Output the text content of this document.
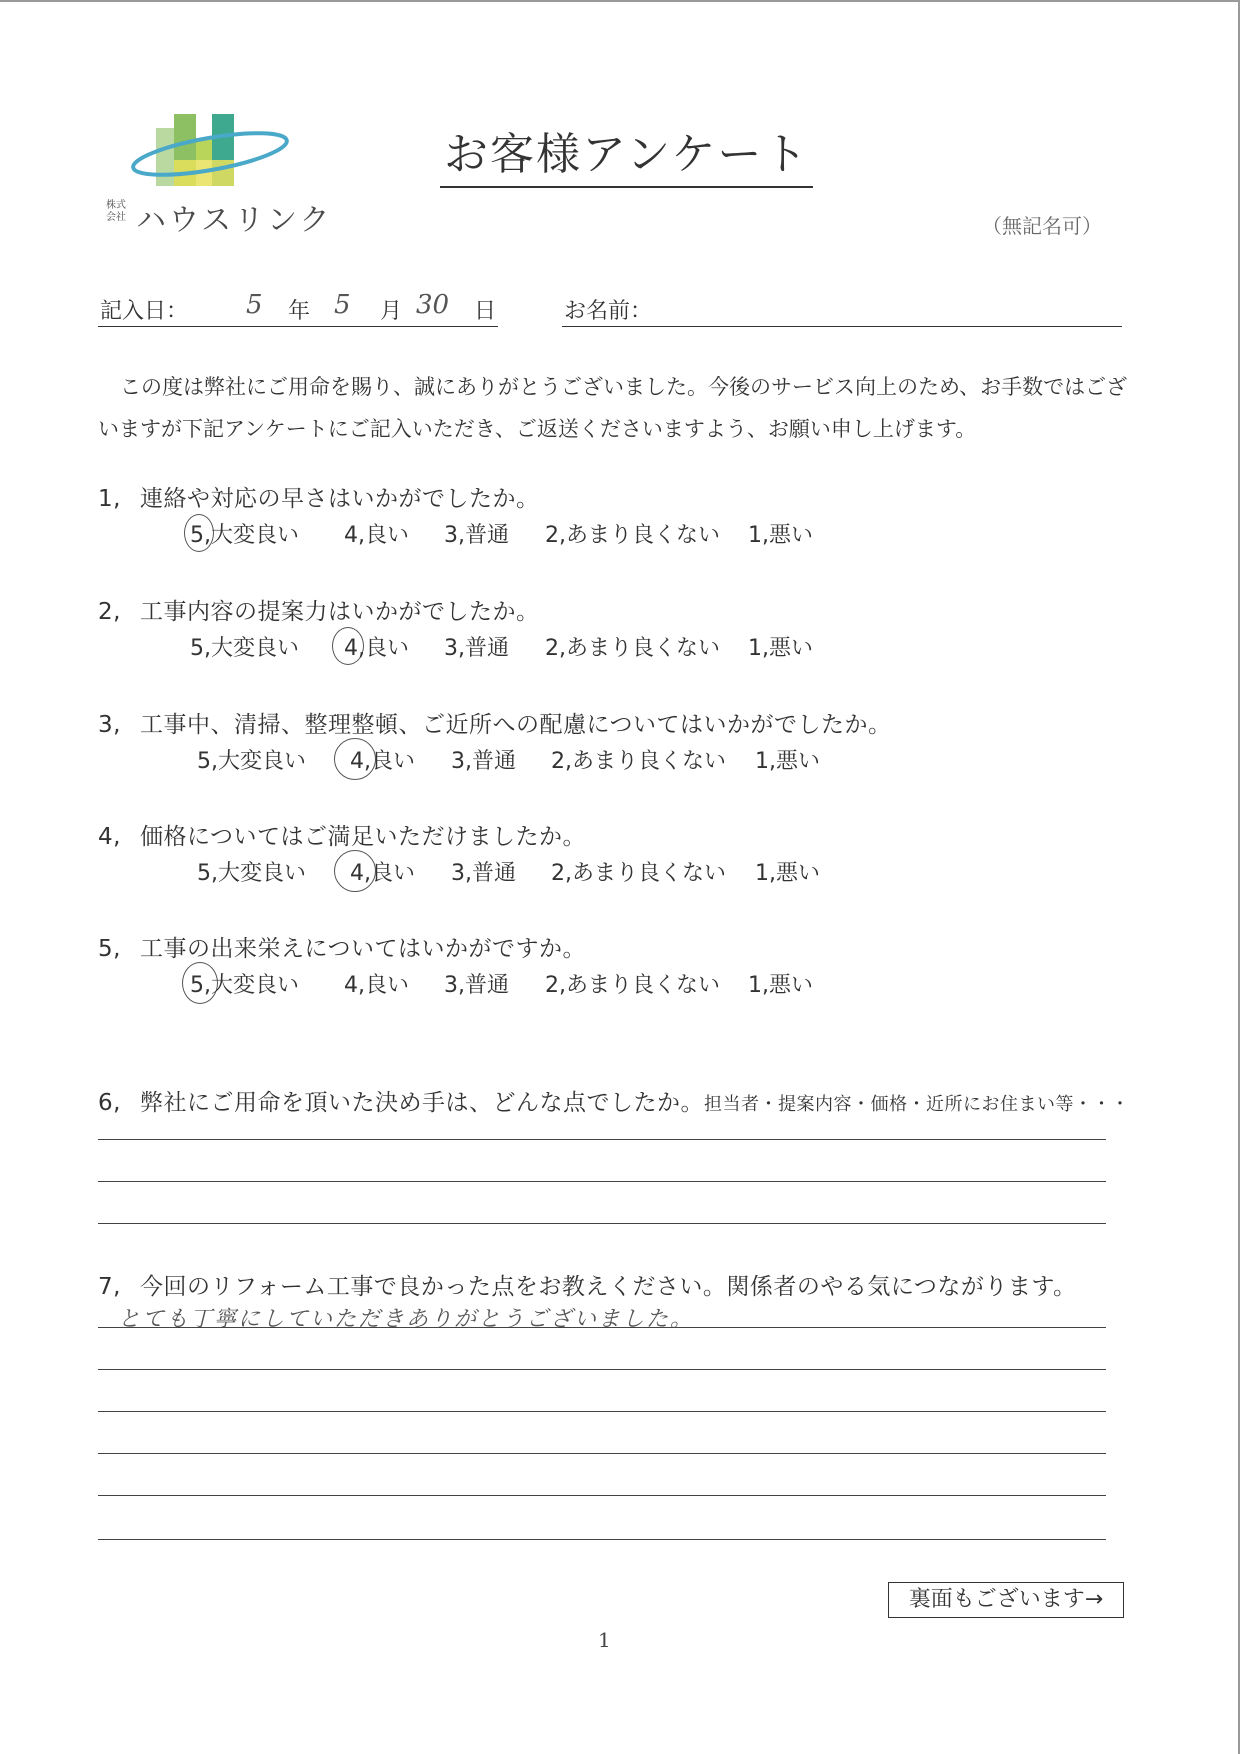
株式会社 ハウスリンク
お客様アンケート
（無記名可）
記入日： 5 年 5 月 30 日	お名前：
この度は弊社にご用命を賜り、誠にありがとうございました。今後のサービス向上のため、お手数ではございますが下記アンケートにご記入いただき、ご返送くださいますよう、お願い申し上げます。
1, 連絡や対応の早さはいかがでしたか。
5,大変良い 4,良い 3,普通 2,あまり良くない 1,悪い
2, 工事内容の提案力はいかがでしたか。
5,大変良い 4,良い 3,普通 2,あまり良くない 1,悪い
3, 工事中、清掃、整理整頓、ご近所への配慮についてはいかがでしたか。
5,大変良い 4,良い 3,普通 2,あまり良くない 1,悪い
4, 価格についてはご満足いただけましたか。
5,大変良い 4,良い 3,普通 2,あまり良くない 1,悪い
5, 工事の出来栄えについてはいかがですか。
5,大変良い 4,良い 3,普通 2,あまり良くない 1,悪い
6, 弊社にご用命を頂いた決め手は、どんな点でしたか。担当者・提案内容・価格・近所にお住まい等・・・
7, 今回のリフォーム工事で良かった点をお教えください。関係者のやる気につながります。
とても丁寧にしていただきありがとうございました。
裏面もございます→
1
